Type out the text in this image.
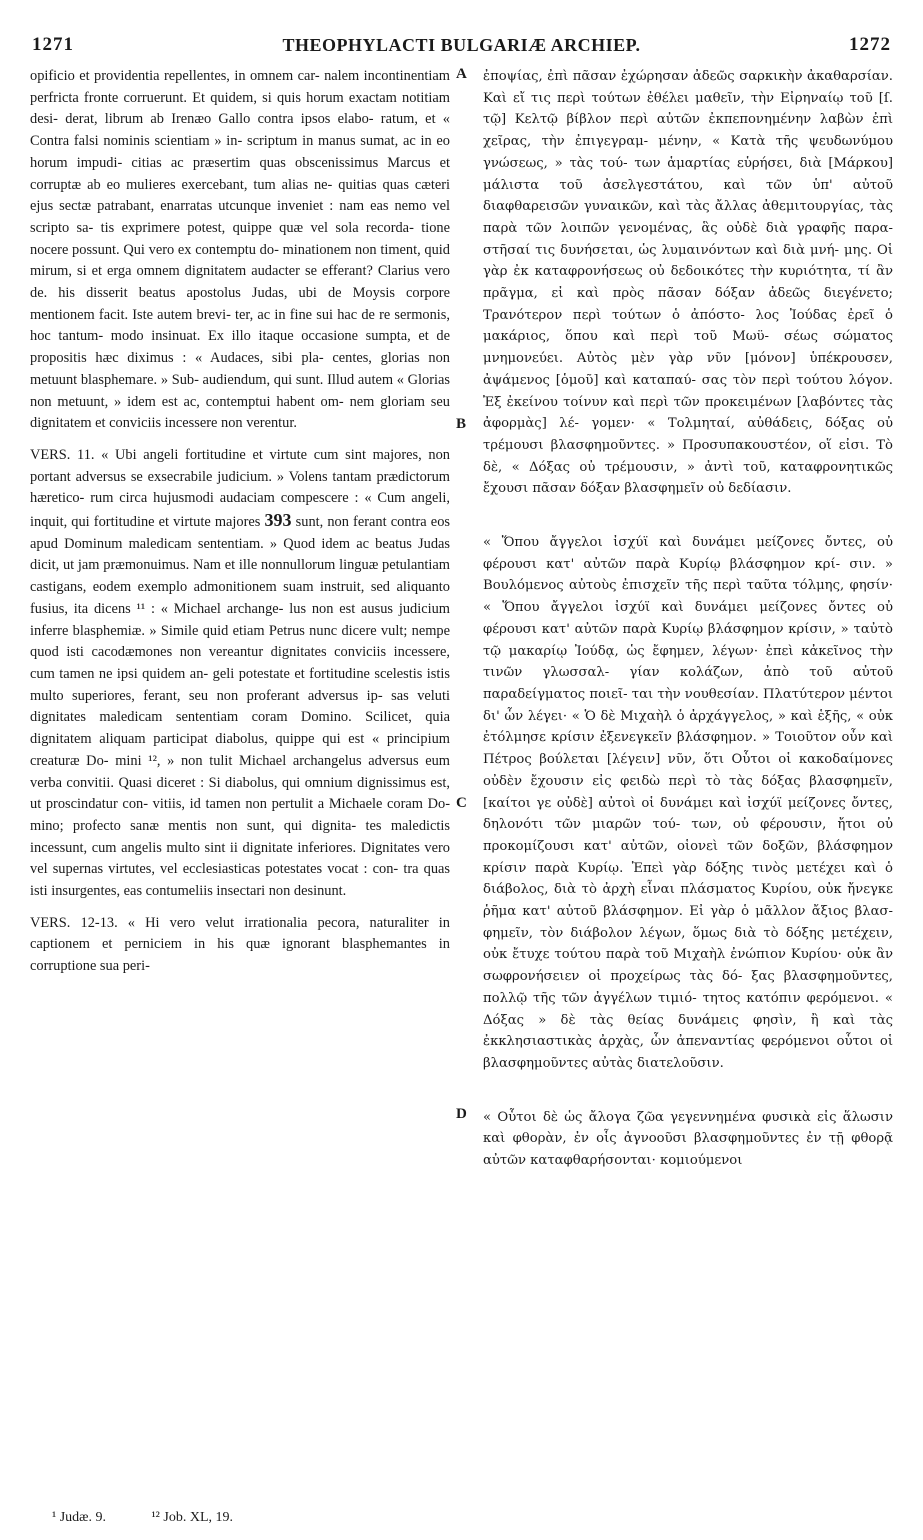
1271	THEOPHYLACTI BULGARIÆ ARCHIEP.	1272

opificio et providentia repellentes, in omnem car- nalem incontinentiam perfricta fronte corruerunt. Et quidem, si quis horum exactam notitiam desi- derat, librum ab Irenæo Gallo contra ipsos elabo- ratum, et « Contra falsi nominis scientiam » in- scriptum in manus sumat, ac in eo horum impudi- citias ac præsertim quas obscenissimus Marcus et corruptæ ab eo mulieres exercebant, tum alias ne- quitias quas cæteri ejus sectæ patrabant, enarratas utcunque inveniet : nam eas nemo vel scripto sa- tis exprimere potest, quippe quæ vel sola recorda- tione nocere possunt. Qui vero ex contemptu do- minationem non timent, quid mirum, si et erga omnem dignitatem audacter se efferant? Clarius vero de. his disserit beatus apostolus Judas, ubi de Moysis corpore mentionem facit. Iste autem brevi- ter, ac in fine sui hac de re sermonis, hoc tantum- modo insinuat. Ex illo itaque occasione sumpta, et de propositis hæc diximus : « Audaces, sibi pla- centes, glorias non metuunt blasphemare. » Sub- audiendum, qui sunt. Illud autem « Glorias non metuunt, » idem est ac, contemptui habent om- nem gloriam seu dignitatem et conviciis incessere non verentur.

VERS. 11. « Ubi angeli fortitudine et virtute cum sint majores, non portant adversus se exsecrabile judicium. » Volens tantam prædictorum hæretico- rum circa hujusmodi audaciam compescere : « Cum angeli, inquit, qui fortitudine et virtute majores 393 sunt, non ferant contra eos apud Dominum maledicam sententiam. » Quod idem ac beatus Judas dicit, ut jam præmonuimus. Nam et ille nonnullorum linguæ petulantiam castigans, eodem exemplo admonitionem suam instruit, sed aliquanto fusius, ita dicens ¹¹ : « Michael archange- lus non est ausus judicium inferre blasphemiæ. » Simile quid etiam Petrus nunc dicere vult; nempe quod isti cacodæmones non vereantur dignitates conviciis incessere, cum tamen ne ipsi quidem an- geli potestate et fortitudine scelestis istis multo superiores, ferant, seu non proferant adversus ip- sas veluti dignitates maledicam sententiam coram Domino. Scilicet, quia dignitatem aliquam participat diabolus, quippe qui est « principium creaturæ Do- mini ¹², » non tulit Michael archangelus adversus eum verba convitii. Quasi diceret : Si diabolus, qui omnium dignissimus est, ut proscindatur con- vitiis, id tamen non pertulit a Michaele coram Do- mino; profecto sanæ mentis non sunt, qui dignita- tes maledictis incessunt, cum angelis multo sint ii dignitate inferiores. Dignitates vero vel supernas virtutes, vel ecclesiasticas potestates vocat : con- tra quas isti insurgentes, eas contumeliis insectari non desinunt.

VERS. 12-13. « Hi vero velut irrationalia pecora, naturaliter in captionem et perniciem in his quæ ignorant blasphemantes in corruptione sua peri-

A
B
C
D

ἐποψίας, ἐπὶ πᾶσαν ἐχώρησαν ἀδεῶς σαρκικὴν ἀκαθαρσίαν. Καὶ εἴ τις περὶ τούτων ἐθέλει μαθεῖν, τὴν Εἰρηναίῳ τοῦ [ſ. τῷ] Κελτῷ βίβλον περὶ αὐτῶν ἐκπεπονημένην λαβὼν ἐπὶ χεῖρας, τὴν ἐπιγεγραμ- μένην, « Κατὰ τῆς ψευδωνύμου γνώσεως, » τὰς τού- των ἁμαρτίας εὑρήσει, διὰ [Μάρκου] μάλιστα τοῦ ἀσελγεστάτου, καὶ τῶν ὑπ' αὐτοῦ διαφθαρεισῶν γυναικῶν, καὶ τὰς ἄλλας ἀθεμιτουργίας, τὰς παρὰ τῶν λοιπῶν γενομένας, ἃς οὐδὲ διὰ γραφῆς παρα- στῆσαί τις δυνήσεται, ὡς λυμαινόντων καὶ διὰ μνή- μης. Οἱ γὰρ ἐκ καταφρονήσεως οὐ δεδοικότες τὴν κυριότητα, τί ἂν πρᾶγμα, εἰ καὶ πρὸς πᾶσαν δόξαν ἀδεῶς διεγένετο; Τρανότερον περὶ τούτων ὁ ἀπόστο- λος Ἰούδας ἐρεῖ ὁ μακάριος, ὅπου καὶ περὶ τοῦ Μωϋ- σέως σώματος μνημονεύει. Αὐτὸς μὲν γὰρ νῦν [μόνον] ὑπέκρουσεν, ἀψάμενος [ὁμοῦ] καὶ καταπαύ- σας τὸν περὶ τούτου λόγον. Ἐξ ἐκείνου τοίνυν καὶ περὶ τῶν προκειμένων [λαβόντες τὰς ἀφορμὰς] λέ- γομεν· « Τολμηταί, αὐθάδεις, δόξας οὐ τρέμουσι βλασφημοῦντες. » Προσυπακουστέον, οἵ εἰσι. Τὸ δὲ, « Δόξας οὐ τρέμουσιν, » ἀντὶ τοῦ, καταφρονητικῶς ἔχουσι πᾶσαν δόξαν βλασφημεῖν οὐ δεδίασιν.

« Ὅπου ἄγγελοι ἰσχύϊ καὶ δυνάμει μείζονες ὄντες, οὐ φέρουσι κατ' αὐτῶν παρὰ Κυρίῳ βλάσφημον κρί- σιν. » Βουλόμενος αὐτοὺς ἐπισχεῖν τῆς περὶ ταῦτα τόλμης, φησίν· « Ὅπου ἄγγελοι ἰσχύϊ καὶ δυνάμει μείζονες ὄντες οὐ φέρουσι κατ' αὐτῶν παρὰ Κυρίῳ βλάσφημον κρίσιν, » ταὐτὸ τῷ μακαρίῳ Ἰούδᾳ, ὡς ἔφημεν, λέγων· ἐπεὶ κἀκεῖνος τὴν τινῶν γλωσσαλ- γίαν κολάζων, ἀπὸ τοῦ αὐτοῦ παραδείγματος ποιεῖ- ται τὴν νουθεσίαν. Πλατύτερον μέντοι δι' ὧν λέγει· « Ὁ δὲ Μιχαὴλ ὁ ἀρχάγγελος, » καὶ ἑξῆς, « οὐκ ἐτόλμησε κρίσιν ἐξενεγκεῖν βλάσφημον. » Τοιοῦτον οὖν καὶ Πέτρος βούλεται [λέγειν] νῦν, ὅτι Οὗτοι οἱ κακοδαίμονες οὐδὲν ἔχουσιν εἰς φειδὼ περὶ τὸ τὰς δόξας βλασφημεῖν, [καίτοι γε οὐδὲ] αὐτοὶ οἱ δυνάμει καὶ ἰσχύϊ μείζονες ὄντες, δηλονότι τῶν μιαρῶν τού- των, οὐ φέρουσιν, ἤτοι οὐ προκομίζουσι κατ' αὐτῶν, οἱονεὶ τῶν δοξῶν, βλάσφημον κρίσιν παρὰ Κυρίῳ. Ἐπεὶ γὰρ δόξης τινὸς μετέχει καὶ ὁ διάβολος, διὰ τὸ ἀρχὴ εἶναι πλάσματος Κυρίου, οὐκ ἤνεγκε ῥῆμα κατ' αὐτοῦ βλάσφημον. Εἰ γὰρ ὁ μᾶλλον ἄξιος βλασ- φημεῖν, τὸν διάβολον λέγων, ὅμως διὰ τὸ δόξης μετέχειν, οὐκ ἔτυχε τούτου παρὰ τοῦ Μιχαὴλ ἐνώπιον Κυρίου· οὐκ ἂν σωφρονήσειεν οἱ προχείρως τὰς δό- ξας βλασφημοῦντες, πολλῷ τῆς τῶν ἀγγέλων τιμιό- τητος κατόπιν φερόμενοι. « Δόξας » δὲ τὰς θείας δυνάμεις φησὶν, ἢ καὶ τὰς ἐκκλησιαστικὰς ἀρχὰς, ὧν ἀπεναντίας φερόμενοι οὗτοι οἱ βλασφημοῦντες αὐτὰς διατελοῦσιν.

« Οὗτοι δὲ ὡς ἄλογα ζῶα γεγεννημένα φυσικὰ εἰς ἅλωσιν καὶ φθορὰν, ἐν οἷς ἀγνοοῦσι βλασφημοῦντες ἐν τῇ φθορᾷ αὐτῶν καταφθαρήσονται· κομιούμενοι

¹ Judæ. 9.	¹² Job. XL, 19.
